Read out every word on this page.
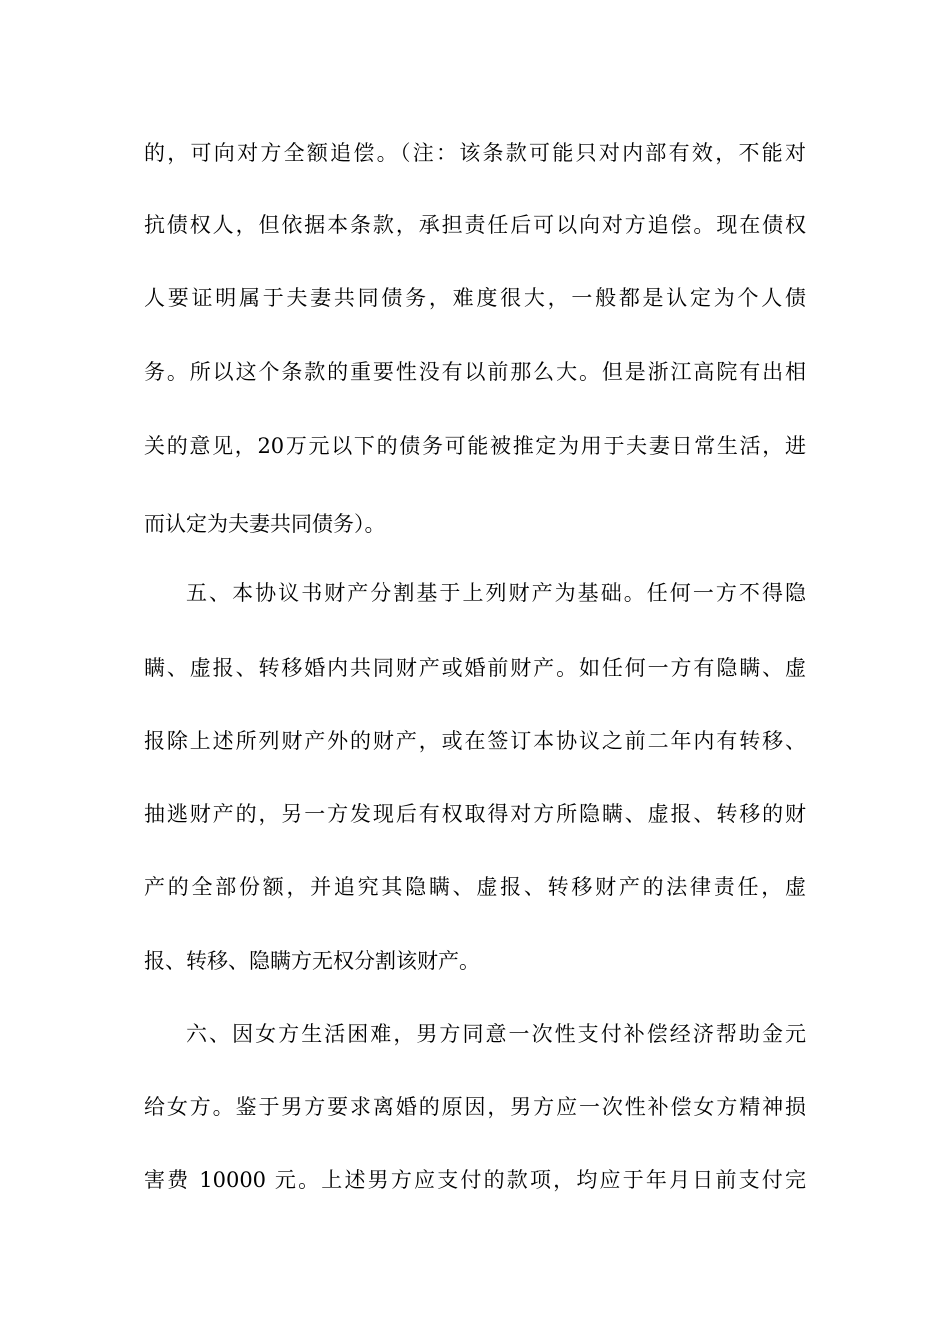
的，可向对方全额追偿。（注：该条款可能只对内部有效，不能对
抗债权人，但依据本条款，承担责任后可以向对方追偿。现在债权
人要证明属于夫妻共同债务，难度很大，一般都是认定为个人债
务。所以这个条款的重要性没有以前那么大。但是浙江高院有出相
关的意见，20万元以下的债务可能被推定为用于夫妻日常生活，进
而认定为夫妻共同债务）。
五、本协议书财产分割基于上列财产为基础。任何一方不得隐
瞒、虚报、转移婚内共同财产或婚前财产。如任何一方有隐瞒、虚
报除上述所列财产外的财产，或在签订本协议之前二年内有转移、
抽逃财产的，另一方发现后有权取得对方所隐瞒、虚报、转移的财
产的全部份额，并追究其隐瞒、虚报、转移财产的法律责任，虚
报、转移、隐瞒方无权分割该财产。
六、因女方生活困难，男方同意一次性支付补偿经济帮助金元
给女方。鉴于男方要求离婚的原因，男方应一次性补偿女方精神损
害费 10000 元。上述男方应支付的款项，均应于年月日前支付完
